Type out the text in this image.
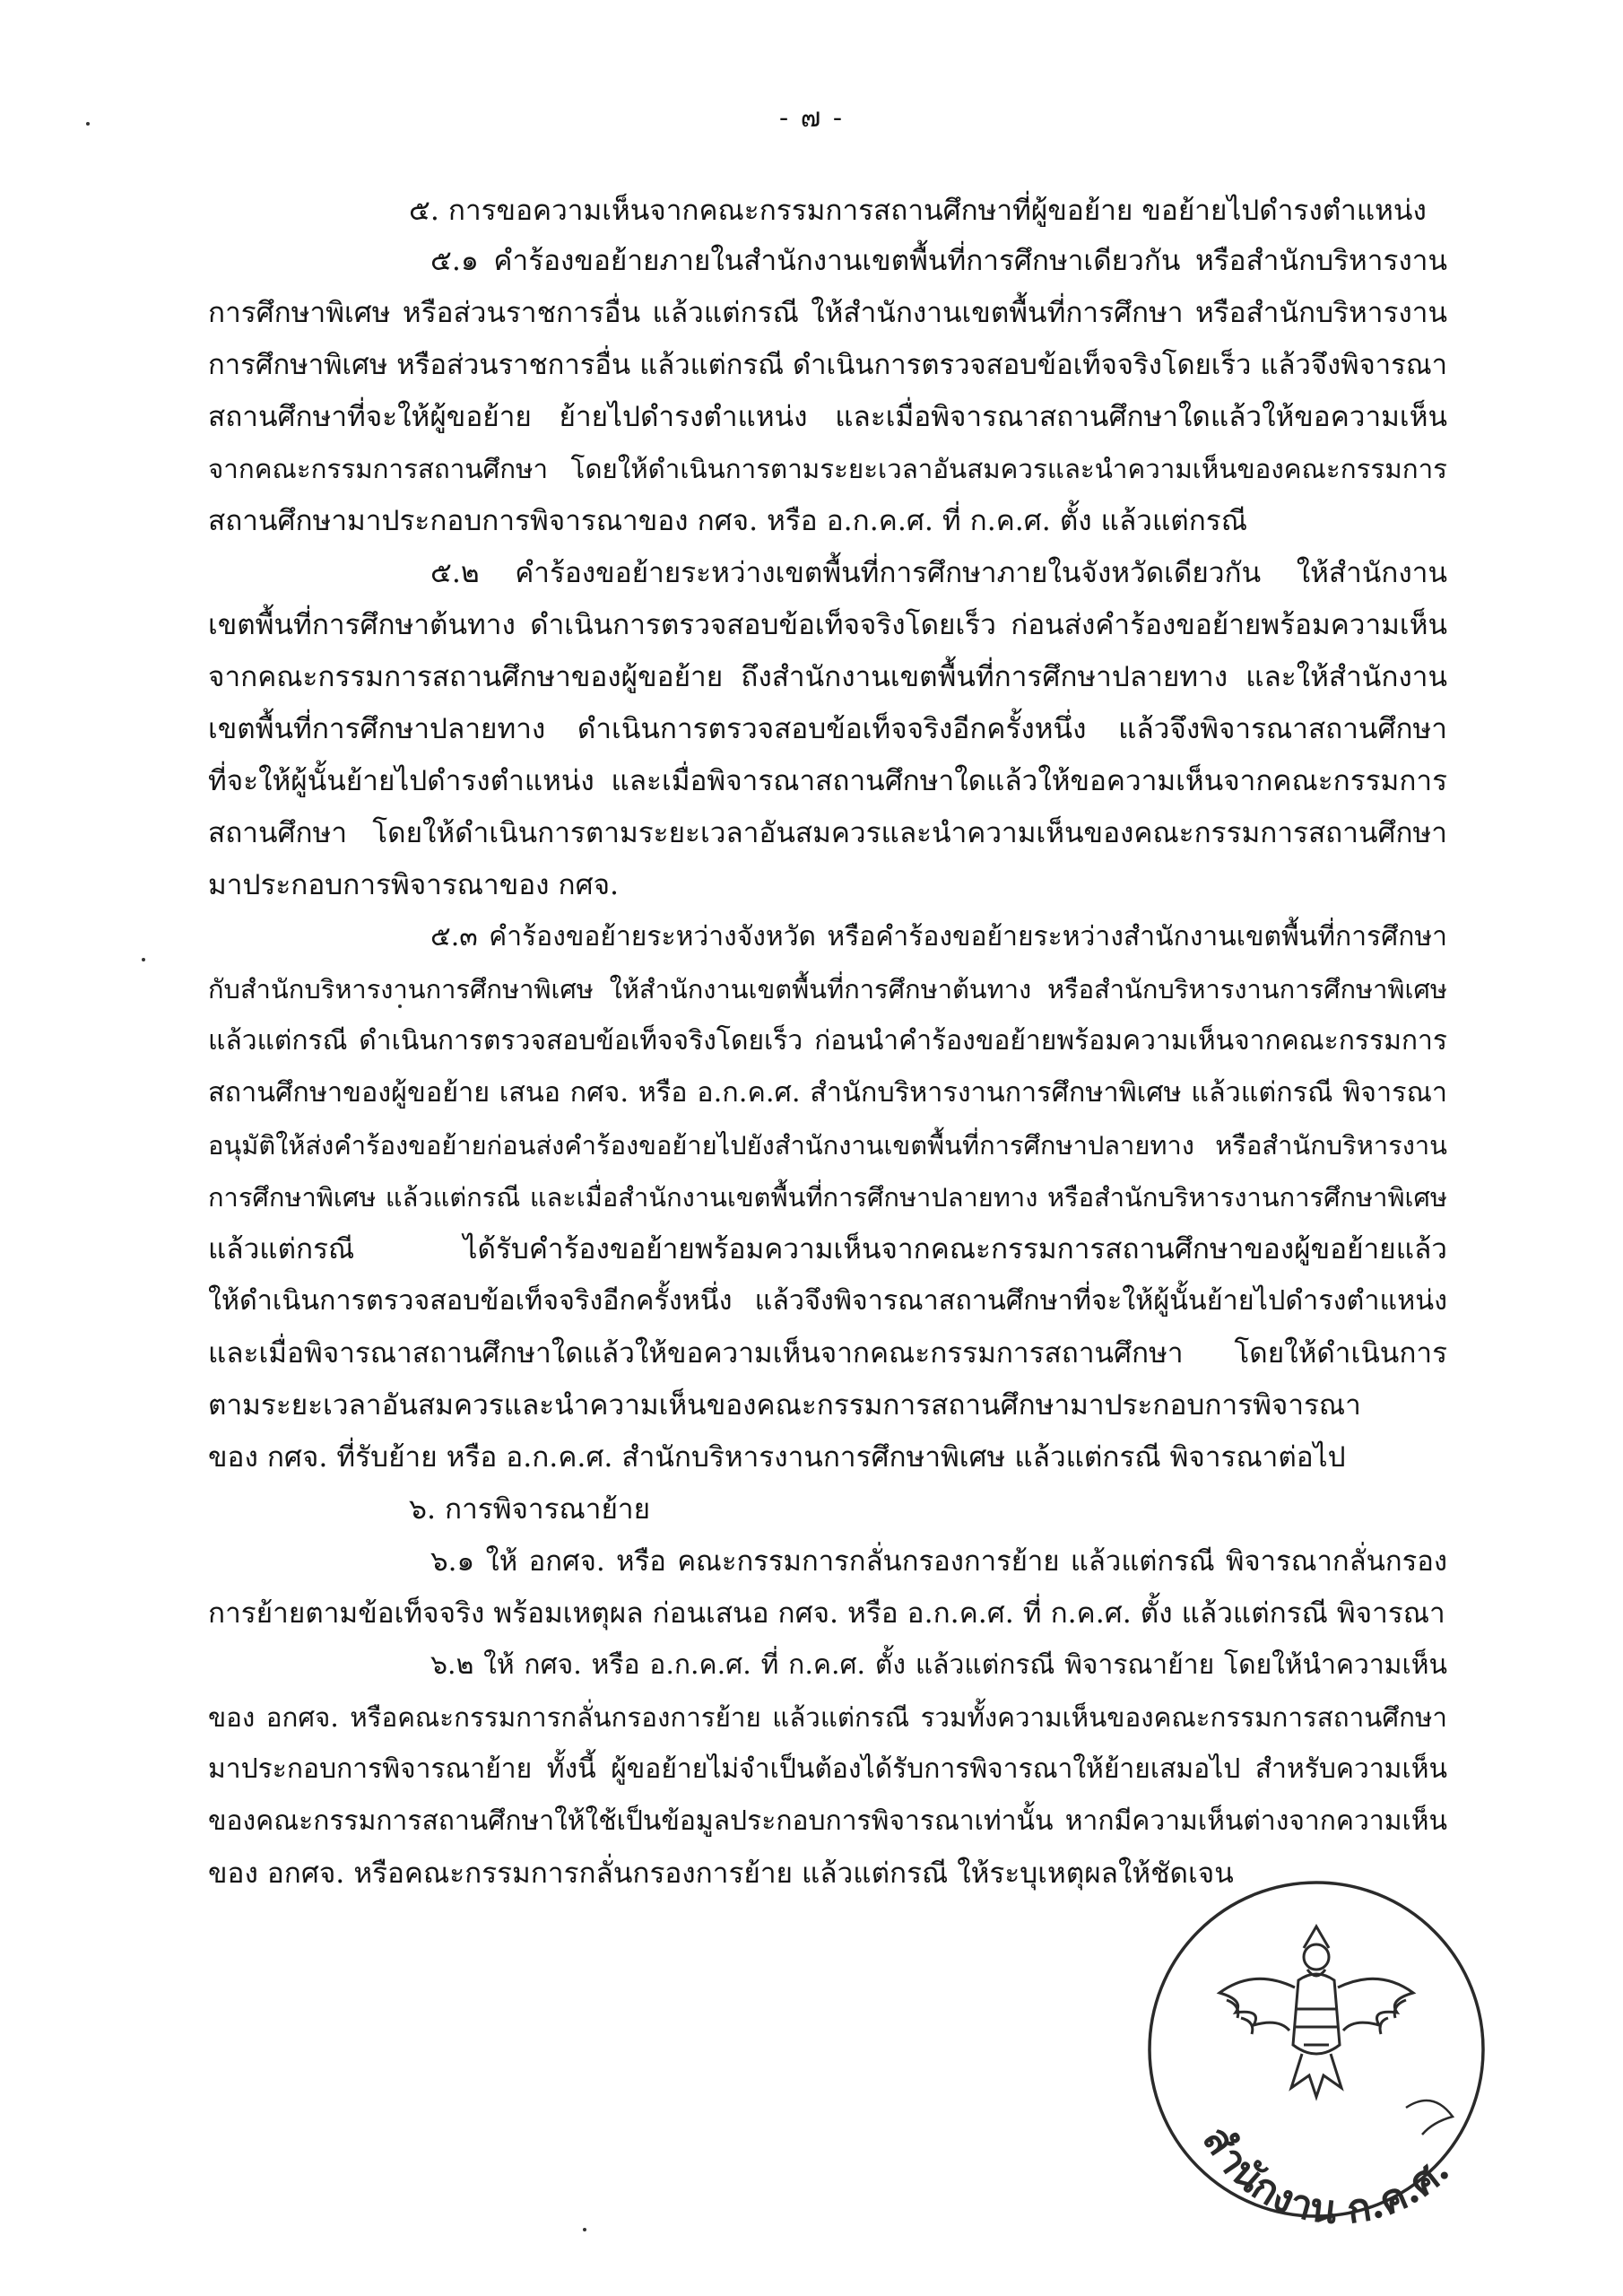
- ๗ -
๕. การขอความเห็นจากคณะกรรมการสถานศึกษาที่ผู้ขอย้าย ขอย้ายไปดำรงตำแหน่ง
๕.๑ คำร้องขอย้ายภายในสำนักงานเขตพื้นที่การศึกษาเดียวกัน หรือสำนักบริหารงาน
การศึกษาพิเศษ หรือส่วนราชการอื่น แล้วแต่กรณี ให้สำนักงานเขตพื้นที่การศึกษา หรือสำนักบริหารงาน
การศึกษาพิเศษ หรือส่วนราชการอื่น แล้วแต่กรณี ดำเนินการตรวจสอบข้อเท็จจริงโดยเร็ว แล้วจึงพิจารณา
สถานศึกษาที่จะให้ผู้ขอย้าย ย้ายไปดำรงตำแหน่ง และเมื่อพิจารณาสถานศึกษาใดแล้วให้ขอความเห็น
จากคณะกรรมการสถานศึกษา โดยให้ดำเนินการตามระยะเวลาอันสมควรและนำความเห็นของคณะกรรมการ
สถานศึกษามาประกอบการพิจารณาของ กศจ. หรือ อ.ก.ค.ศ. ที่ ก.ค.ศ. ตั้ง แล้วแต่กรณี
๕.๒ คำร้องขอย้ายระหว่างเขตพื้นที่การศึกษาภายในจังหวัดเดียวกัน ให้สำนักงาน
เขตพื้นที่การศึกษาต้นทาง ดำเนินการตรวจสอบข้อเท็จจริงโดยเร็ว ก่อนส่งคำร้องขอย้ายพร้อมความเห็น
จากคณะกรรมการสถานศึกษาของผู้ขอย้าย ถึงสำนักงานเขตพื้นที่การศึกษาปลายทาง และให้สำนักงาน
เขตพื้นที่การศึกษาปลายทาง ดำเนินการตรวจสอบข้อเท็จจริงอีกครั้งหนึ่ง แล้วจึงพิจารณาสถานศึกษา
ที่จะให้ผู้นั้นย้ายไปดำรงตำแหน่ง และเมื่อพิจารณาสถานศึกษาใดแล้วให้ขอความเห็นจากคณะกรรมการ
สถานศึกษา โดยให้ดำเนินการตามระยะเวลาอันสมควรและนำความเห็นของคณะกรรมการสถานศึกษา
มาประกอบการพิจารณาของ กศจ.
๕.๓ คำร้องขอย้ายระหว่างจังหวัด หรือคำร้องขอย้ายระหว่างสำนักงานเขตพื้นที่การศึกษา
กับสำนักบริหารงานการศึกษาพิเศษ ให้สำนักงานเขตพื้นที่การศึกษาต้นทาง หรือสำนักบริหารงานการศึกษาพิเศษ
แล้วแต่กรณี ดำเนินการตรวจสอบข้อเท็จจริงโดยเร็ว ก่อนนำคำร้องขอย้ายพร้อมความเห็นจากคณะกรรมการ
สถานศึกษาของผู้ขอย้าย เสนอ กศจ. หรือ อ.ก.ค.ศ. สำนักบริหารงานการศึกษาพิเศษ แล้วแต่กรณี พิจารณา
อนุมัติให้ส่งคำร้องขอย้ายก่อนส่งคำร้องขอย้ายไปยังสำนักงานเขตพื้นที่การศึกษาปลายทาง หรือสำนักบริหารงาน
การศึกษาพิเศษ แล้วแต่กรณี และเมื่อสำนักงานเขตพื้นที่การศึกษาปลายทาง หรือสำนักบริหารงานการศึกษาพิเศษ
แล้วแต่กรณี ได้รับคำร้องขอย้ายพร้อมความเห็นจากคณะกรรมการสถานศึกษาของผู้ขอย้ายแล้ว
ให้ดำเนินการตรวจสอบข้อเท็จจริงอีกครั้งหนึ่ง แล้วจึงพิจารณาสถานศึกษาที่จะให้ผู้นั้นย้ายไปดำรงตำแหน่ง
และเมื่อพิจารณาสถานศึกษาใดแล้วให้ขอความเห็นจากคณะกรรมการสถานศึกษา โดยให้ดำเนินการ
ตามระยะเวลาอันสมควรและนำความเห็นของคณะกรรมการสถานศึกษามาประกอบการพิจารณา
ของ กศจ. ที่รับย้าย หรือ อ.ก.ค.ศ. สำนักบริหารงานการศึกษาพิเศษ แล้วแต่กรณี พิจารณาต่อไป
๖. การพิจารณาย้าย
๖.๑ ให้ อกศจ. หรือ คณะกรรมการกลั่นกรองการย้าย แล้วแต่กรณี พิจารณากลั่นกรอง
การย้ายตามข้อเท็จจริง พร้อมเหตุผล ก่อนเสนอ กศจ. หรือ อ.ก.ค.ศ. ที่ ก.ค.ศ. ตั้ง แล้วแต่กรณี พิจารณา
๖.๒ ให้ กศจ. หรือ อ.ก.ค.ศ. ที่ ก.ค.ศ. ตั้ง แล้วแต่กรณี พิจารณาย้าย โดยให้นำความเห็น
ของ อกศจ. หรือคณะกรรมการกลั่นกรองการย้าย แล้วแต่กรณี รวมทั้งความเห็นของคณะกรรมการสถานศึกษา
มาประกอบการพิจารณาย้าย ทั้งนี้ ผู้ขอย้ายไม่จำเป็นต้องได้รับการพิจารณาให้ย้ายเสมอไป สำหรับความเห็น
ของคณะกรรมการสถานศึกษาให้ใช้เป็นข้อมูลประกอบการพิจารณาเท่านั้น หากมีความเห็นต่างจากความเห็น
ของ อกศจ. หรือคณะกรรมการกลั่นกรองการย้าย แล้วแต่กรณี ให้ระบุเหตุผลให้ชัดเจน
สำนักงาน ก.ค.ศ.
